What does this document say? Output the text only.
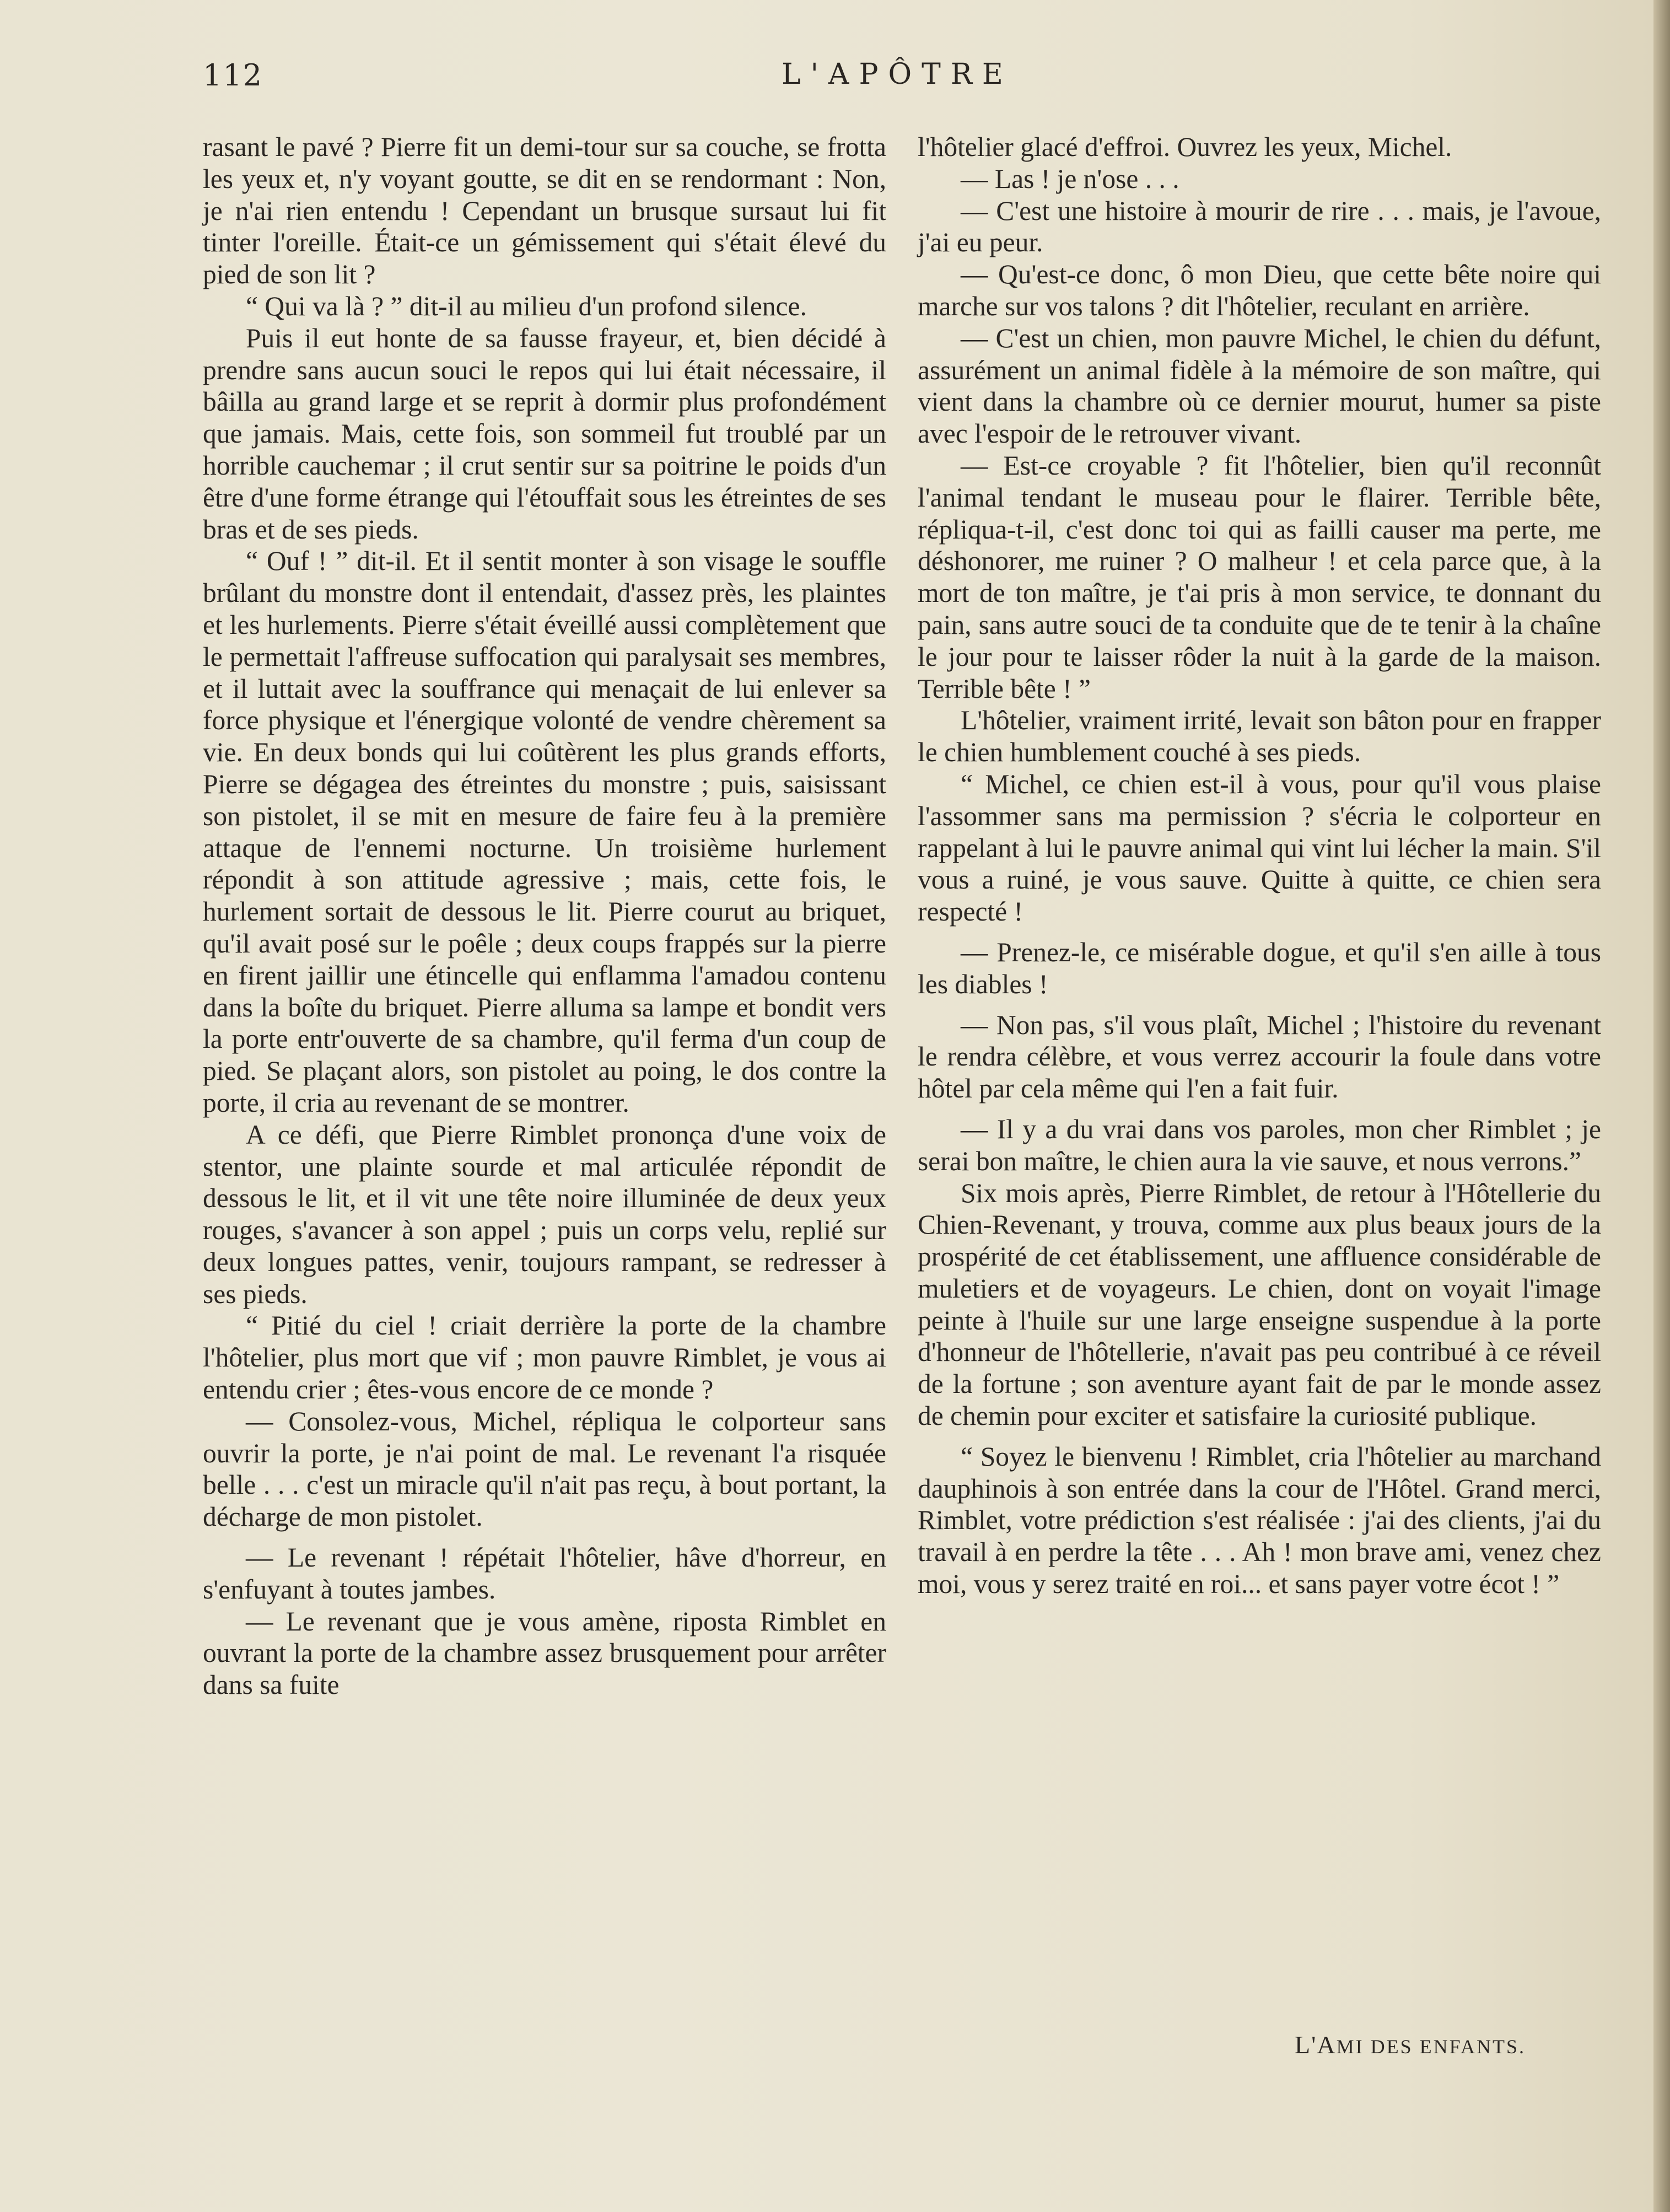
112	L'APÔTRE

rasant le pavé ? Pierre fit un demi-tour sur sa couche, se frotta les yeux et, n'y voyant goutte, se dit en se rendormant : Non, je n'ai rien entendu ! Cependant un brusque sursaut lui fit tinter l'oreille. Était-ce un gémissement qui s'était élevé du pied de son lit ?

“ Qui va là ? ” dit-il au milieu d'un profond silence.

Puis il eut honte de sa fausse frayeur, et, bien décidé à prendre sans aucun souci le repos qui lui était nécessaire, il bâilla au grand large et se reprit à dormir plus profondément que jamais. Mais, cette fois, son sommeil fut troublé par un horrible cauchemar ; il crut sentir sur sa poitrine le poids d'un être d'une forme étrange qui l'étouffait sous les étreintes de ses bras et de ses pieds.

“ Ouf ! ” dit-il. Et il sentit monter à son visage le souffle brûlant du monstre dont il entendait, d'assez près, les plaintes et les hurlements. Pierre s'était éveillé aussi complètement que le permettait l'affreuse suffocation qui paralysait ses membres, et il luttait avec la souffrance qui menaçait de lui enlever sa force physique et l'énergique volonté de vendre chèrement sa vie. En deux bonds qui lui coûtèrent les plus grands efforts, Pierre se dégagea des étreintes du monstre ; puis, saisissant son pistolet, il se mit en mesure de faire feu à la première attaque de l'ennemi nocturne. Un troisième hurlement répondit à son attitude agressive ; mais, cette fois, le hurlement sortait de dessous le lit. Pierre courut au briquet, qu'il avait posé sur le poêle ; deux coups frappés sur la pierre en firent jaillir une étincelle qui enflamma l'amadou contenu dans la boîte du briquet. Pierre alluma sa lampe et bondit vers la porte entr'ouverte de sa chambre, qu'il ferma d'un coup de pied. Se plaçant alors, son pistolet au poing, le dos contre la porte, il cria au revenant de se montrer.

A ce défi, que Pierre Rimblet prononça d'une voix de stentor, une plainte sourde et mal articulée répondit de dessous le lit, et il vit une tête noire illuminée de deux yeux rouges, s'avancer à son appel ; puis un corps velu, replié sur deux longues pattes, venir, toujours rampant, se redresser à ses pieds.

“ Pitié du ciel ! criait derrière la porte de la chambre l'hôtelier, plus mort que vif ; mon pauvre Rimblet, je vous ai entendu crier ; êtes-vous encore de ce monde ?

— Consolez-vous, Michel, répliqua le colporteur sans ouvrir la porte, je n'ai point de mal. Le revenant l'a risquée belle . . . c'est un miracle qu'il n'ait pas reçu, à bout portant, la décharge de mon pistolet.

— Le revenant ! répétait l'hôtelier, hâve d'horreur, en s'enfuyant à toutes jambes.

— Le revenant que je vous amène, riposta Rimblet en ouvrant la porte de la chambre assez brusquement pour arrêter dans sa fuite

l'hôtelier glacé d'effroi. Ouvrez les yeux, Michel.

— Las ! je n'ose . . .

— C'est une histoire à mourir de rire . . . mais, je l'avoue, j'ai eu peur.

— Qu'est-ce donc, ô mon Dieu, que cette bête noire qui marche sur vos talons ? dit l'hôtelier, reculant en arrière.

— C'est un chien, mon pauvre Michel, le chien du défunt, assurément un animal fidèle à la mémoire de son maître, qui vient dans la chambre où ce dernier mourut, humer sa piste avec l'espoir de le retrouver vivant.

— Est-ce croyable ? fit l'hôtelier, bien qu'il reconnût l'animal tendant le museau pour le flairer. Terrible bête, répliqua-t-il, c'est donc toi qui as failli causer ma perte, me déshonorer, me ruiner ? O malheur ! et cela parce que, à la mort de ton maître, je t'ai pris à mon service, te donnant du pain, sans autre souci de ta conduite que de te tenir à la chaîne le jour pour te laisser rôder la nuit à la garde de la maison. Terrible bête ! ”

L'hôtelier, vraiment irrité, levait son bâton pour en frapper le chien humblement couché à ses pieds.

“ Michel, ce chien est-il à vous, pour qu'il vous plaise l'assommer sans ma permission ? s'écria le colporteur en rappelant à lui le pauvre animal qui vint lui lécher la main. S'il vous a ruiné, je vous sauve. Quitte à quitte, ce chien sera respecté !

— Prenez-le, ce misérable dogue, et qu'il s'en aille à tous les diables !

— Non pas, s'il vous plaît, Michel ; l'histoire du revenant le rendra célèbre, et vous verrez accourir la foule dans votre hôtel par cela même qui l'en a fait fuir.

— Il y a du vrai dans vos paroles, mon cher Rimblet ; je serai bon maître, le chien aura la vie sauve, et nous verrons.”

Six mois après, Pierre Rimblet, de retour à l'Hôtellerie du Chien-Revenant, y trouva, comme aux plus beaux jours de la prospérité de cet établissement, une affluence considérable de muletiers et de voyageurs. Le chien, dont on voyait l'image peinte à l'huile sur une large enseigne suspendue à la porte d'honneur de l'hôtellerie, n'avait pas peu contribué à ce réveil de la fortune ; son aventure ayant fait de par le monde assez de chemin pour exciter et satisfaire la curiosité publique.

“ Soyez le bienvenu ! Rimblet, cria l'hôtelier au marchand dauphinois à son entrée dans la cour de l'Hôtel. Grand merci, Rimblet, votre prédiction s'est réalisée : j'ai des clients, j'ai du travail à en perdre la tête . . . Ah ! mon brave ami, venez chez moi, vous y serez traité en roi... et sans payer votre écot ! ”

L'AMI DES ENFANTS.
